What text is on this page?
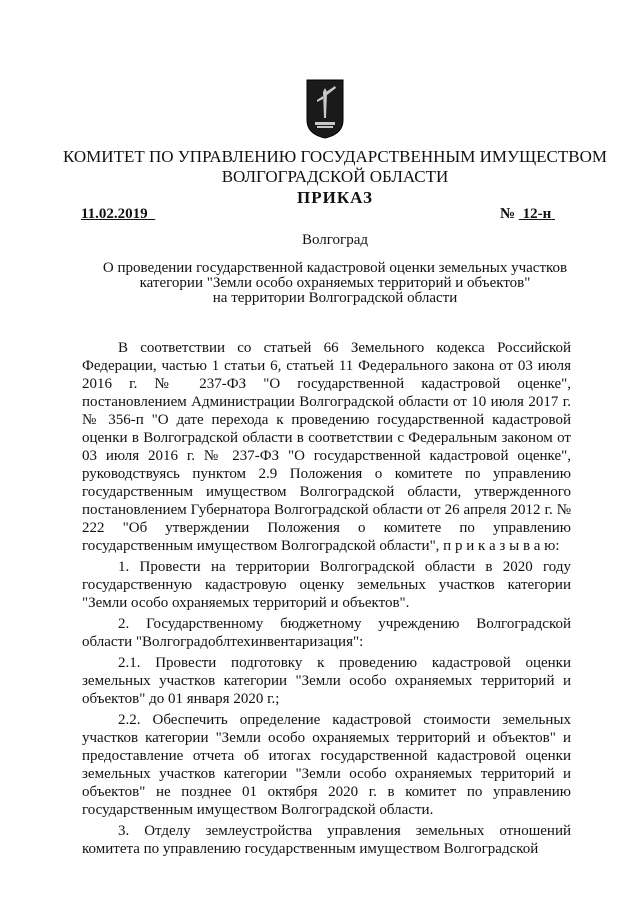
КОМИТЕТ ПО УПРАВЛЕНИЮ ГОСУДАРСТВЕННЫМ ИМУЩЕСТВОМ
ВОЛГОГРАДСКОЙ ОБЛАСТИ
ПРИКАЗ
11.02.2019	№ 12-н
Волгоград
О проведении государственной кадастровой оценки земельных участков
категории "Земли особо охраняемых территорий и объектов"
на территории Волгоградской области

В соответствии со статьей 66 Земельного кодекса Российской Федерации, частью 1 статьи 6, статьей 11 Федерального закона от 03 июля 2016 г. № 237-ФЗ "О государственной кадастровой оценке", постановлением Администрации Волгоградской области от 10 июля 2017 г. № 356-п "О дате перехода к проведению государственной кадастровой оценки в Волгоградской области в соответствии с Федеральным законом от 03 июля 2016 г. № 237-ФЗ "О государственной кадастровой оценке", руководствуясь пунктом 2.9 Положения о комитете по управлению государственным имуществом Волгоградской области, утвержденного постановлением Губернатора Волгоградской области от 26 апреля 2012 г. № 222 "Об утверждении Положения о комитете по управлению государственным имуществом Волгоградской области", п р и к а з ы в а ю:

1. Провести на территории Волгоградской области в 2020 году государственную кадастровую оценку земельных участков категории "Земли особо охраняемых территорий и объектов".

2. Государственному бюджетному учреждению Волгоградской области "Волгоградоблтехинвентаризация":

2.1. Провести подготовку к проведению кадастровой оценки земельных участков категории "Земли особо охраняемых территорий и объектов" до 01 января 2020 г.;

2.2. Обеспечить определение кадастровой стоимости земельных участков категории "Земли особо охраняемых территорий и объектов" и предоставление отчета об итогах государственной кадастровой оценки земельных участков категории "Земли особо охраняемых территорий и объектов" не позднее 01 октября 2020 г. в комитет по управлению государственным имуществом Волгоградской области.

3. Отделу землеустройства управления земельных отношений комитета по управлению государственным имуществом Волгоградской
